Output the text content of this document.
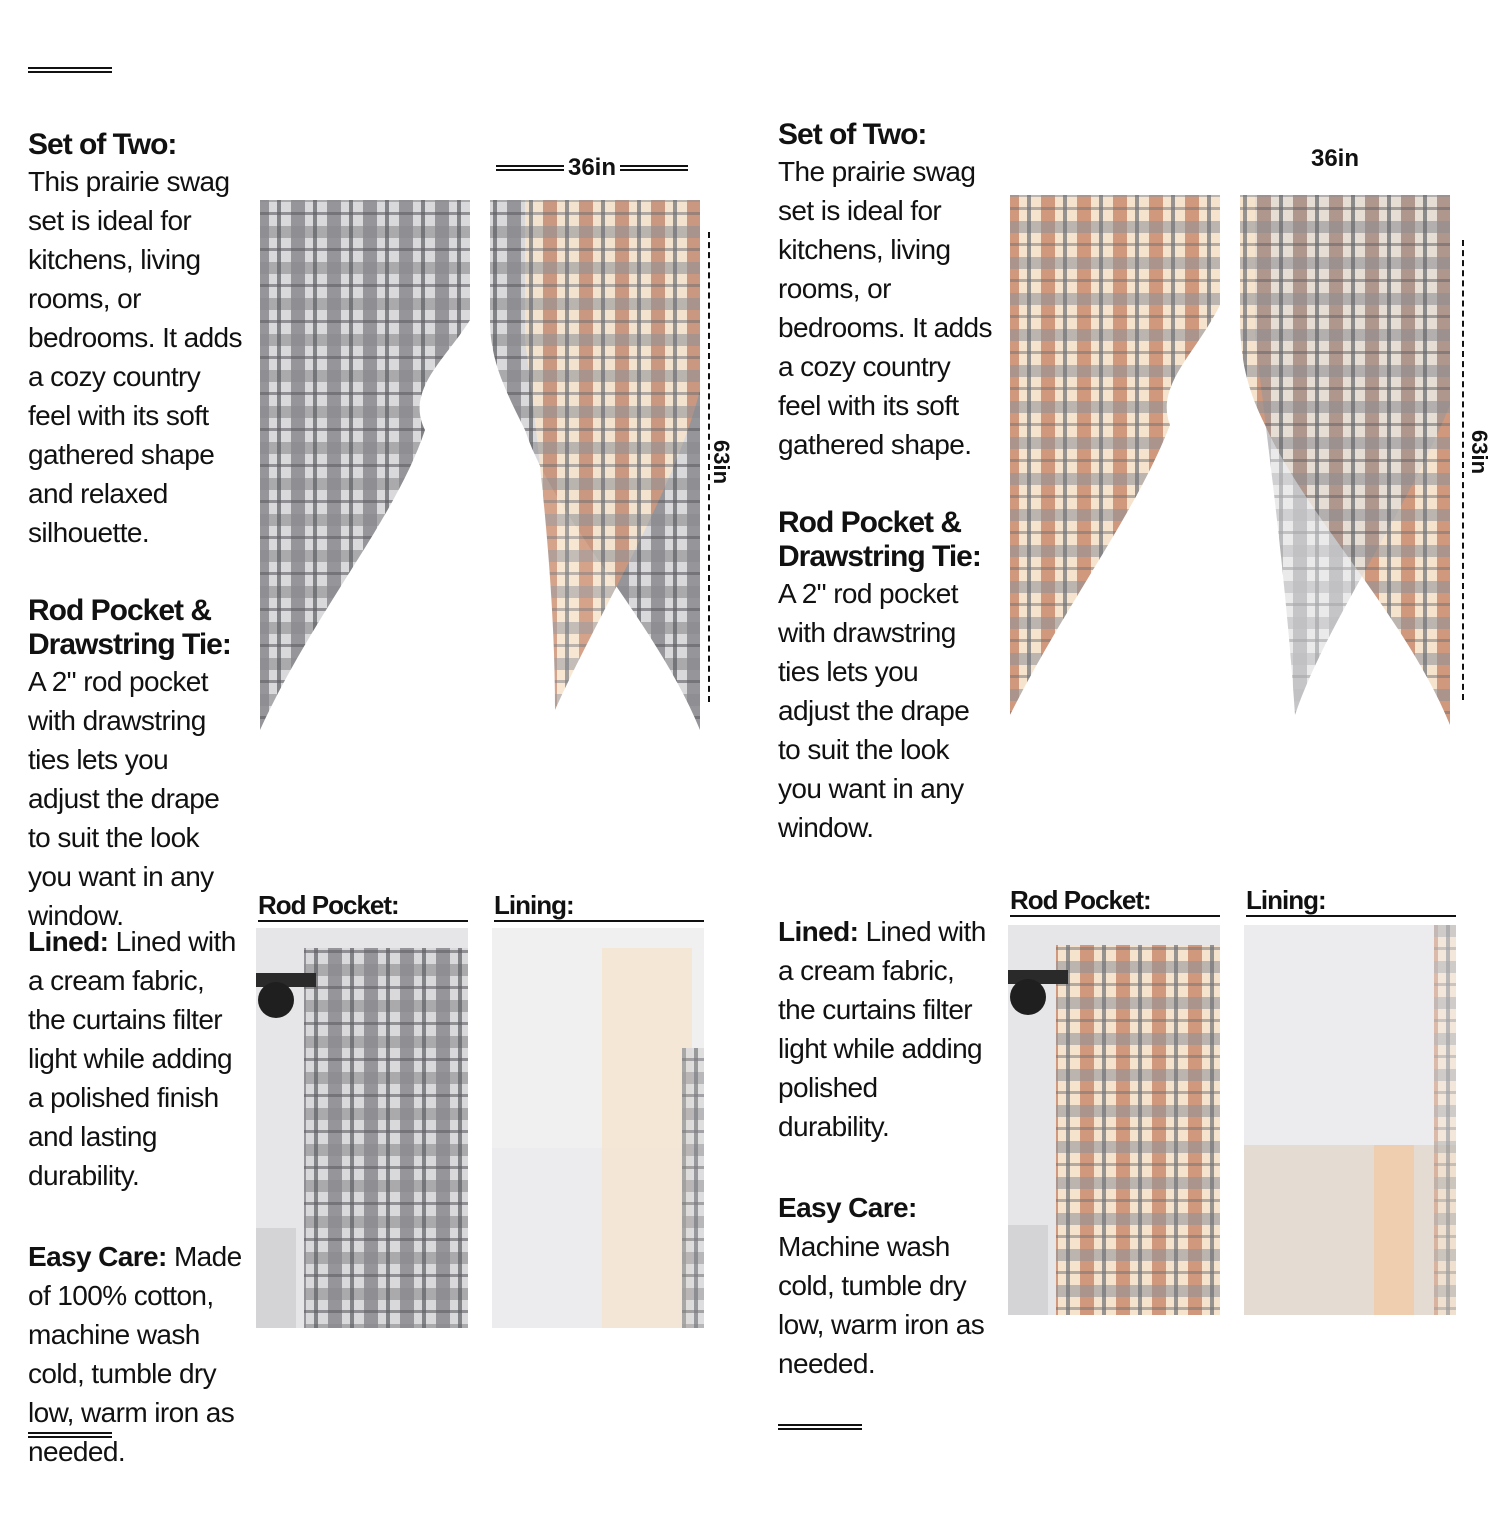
Set of Two:

This prairie swag set is ideal for kitchens, living rooms, or bedrooms. It adds a cozy country feel with its soft gathered shape and relaxed silhouette.

Rod Pocket & Drawstring Tie:

A 2" rod pocket with drawstring ties lets you adjust the drape to suit the look you want in any window.

Lined: Lined with a cream fabric, the curtains filter light while adding a polished finish and lasting durability.

Easy Care: Made of 100% cotton, machine wash cold, tumble dry low, warm iron as needed.

Set of Two:

The prairie swag set is ideal for kitchens, living rooms, or bedrooms. It adds a cozy country feel with its soft gathered shape.

Rod Pocket & Drawstring Tie:

A 2" rod pocket with drawstring ties lets you adjust the drape to suit the look you want in any window.

Lined: Lined with a cream fabric, the curtains filter light while adding polished durability.

Easy Care: Machine wash cold, tumble dry low, warm iron as needed.

36in
63in
36in
63in
Rod Pocket:	Lining:	Rod Pocket:	Lining:
